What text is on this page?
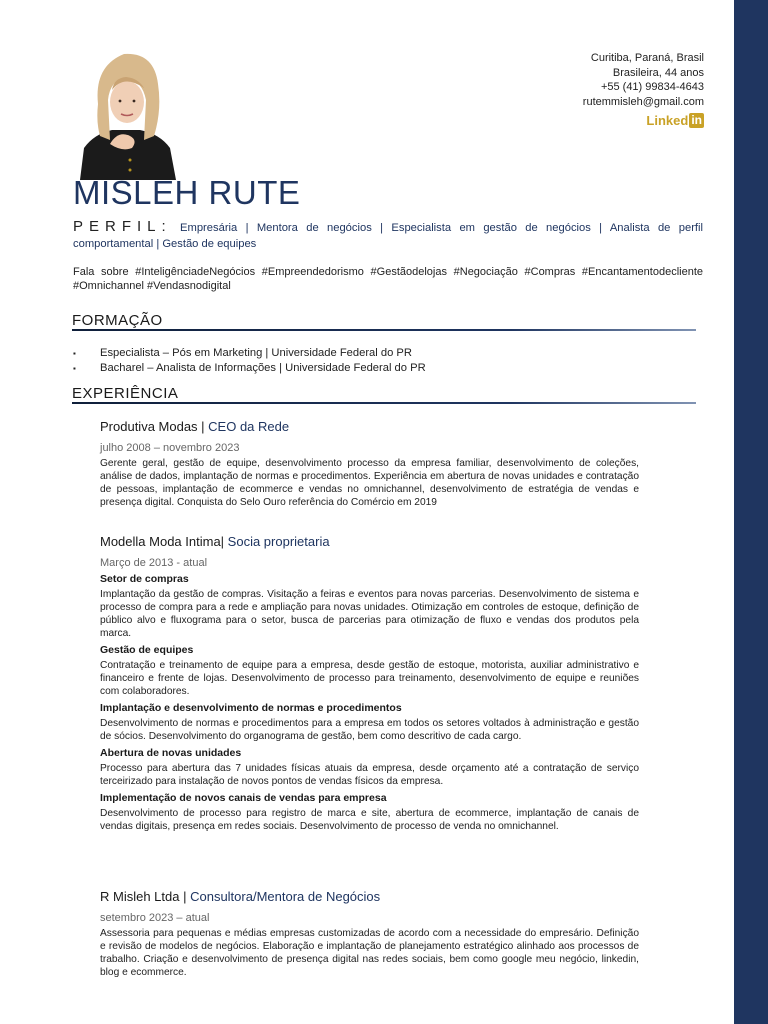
Curitiba, Paraná, Brasil
Brasileira, 44 anos
+55 (41) 99834-4643
rutemmisleh@gmail.com
Linked in
MISLEH RUTE
PERFIL: Empresária | Mentora de negócios | Especialista em gestão de negócios | Analista de perfil comportamental | Gestão de equipes
Fala sobre #InteligênciadeNegócios #Empreendedorismo #Gestãodelojas #Negociação #Compras #Encantamentodecliente #Omnichannel #Vendasnodigital
FORMAÇÃO
▪ Especialista – Pós em Marketing | Universidade Federal do PR
▪ Bacharel – Analista de Informações | Universidade Federal do PR
EXPERIÊNCIA
Produtiva Modas | CEO da Rede
julho 2008 – novembro 2023
Gerente geral, gestão de equipe, desenvolvimento processo da empresa familiar, desenvolvimento de coleções, análise de dados, implantação de normas e procedimentos. Experiência em abertura de novas unidades e contratação de pessoas, implantação de ecommerce e vendas no omnichannel, desenvolvimento de estratégia de vendas e presença digital. Conquista do Selo Ouro referência do Comércio em 2019
Modella Moda Intima| Socia proprietaria
Março de 2013 - atual
Setor de compras
Implantação da gestão de compras. Visitação a feiras e eventos para novas parcerias. Desenvolvimento de sistema e processo de compra para a rede e ampliação para novas unidades. Otimização em controles de estoque, definição de público alvo e fluxograma para o setor, busca de parcerias para otimização de fluxo e vendas dos produtos pela marca.
Gestão de equipes
Contratação e treinamento de equipe para a empresa, desde gestão de estoque, motorista, auxiliar administrativo e financeiro e frente de lojas. Desenvolvimento de processo para treinamento, desenvolvimento de equipe e reuniões com colaboradores.
Implantação e desenvolvimento de normas e procedimentos
Desenvolvimento de normas e procedimentos para a empresa em todos os setores voltados à administração e gestão de sócios. Desenvolvimento do organograma de gestão, bem como descritivo de cada cargo.
Abertura de novas unidades
Processo para abertura das 7 unidades físicas atuais da empresa, desde orçamento até a contratação de serviço terceirizado para instalação de novos pontos de vendas físicos da empresa.
Implementação de novos canais de vendas para empresa
Desenvolvimento de processo para registro de marca e site, abertura de ecommerce, implantação de canais de vendas digitais, presença em redes sociais. Desenvolvimento de processo de venda no omnichannel.
R Misleh Ltda | Consultora/Mentora de Negócios
setembro 2023 – atual
Assessoria para pequenas e médias empresas customizadas de acordo com a necessidade do empresário. Definição e revisão de modelos de negócios. Elaboração e implantação de planejamento estratégico alinhado aos processos de trabalho. Criação e desenvolvimento de presença digital nas redes sociais, bem como google meu negócio, linkedin, blog e ecommerce.
